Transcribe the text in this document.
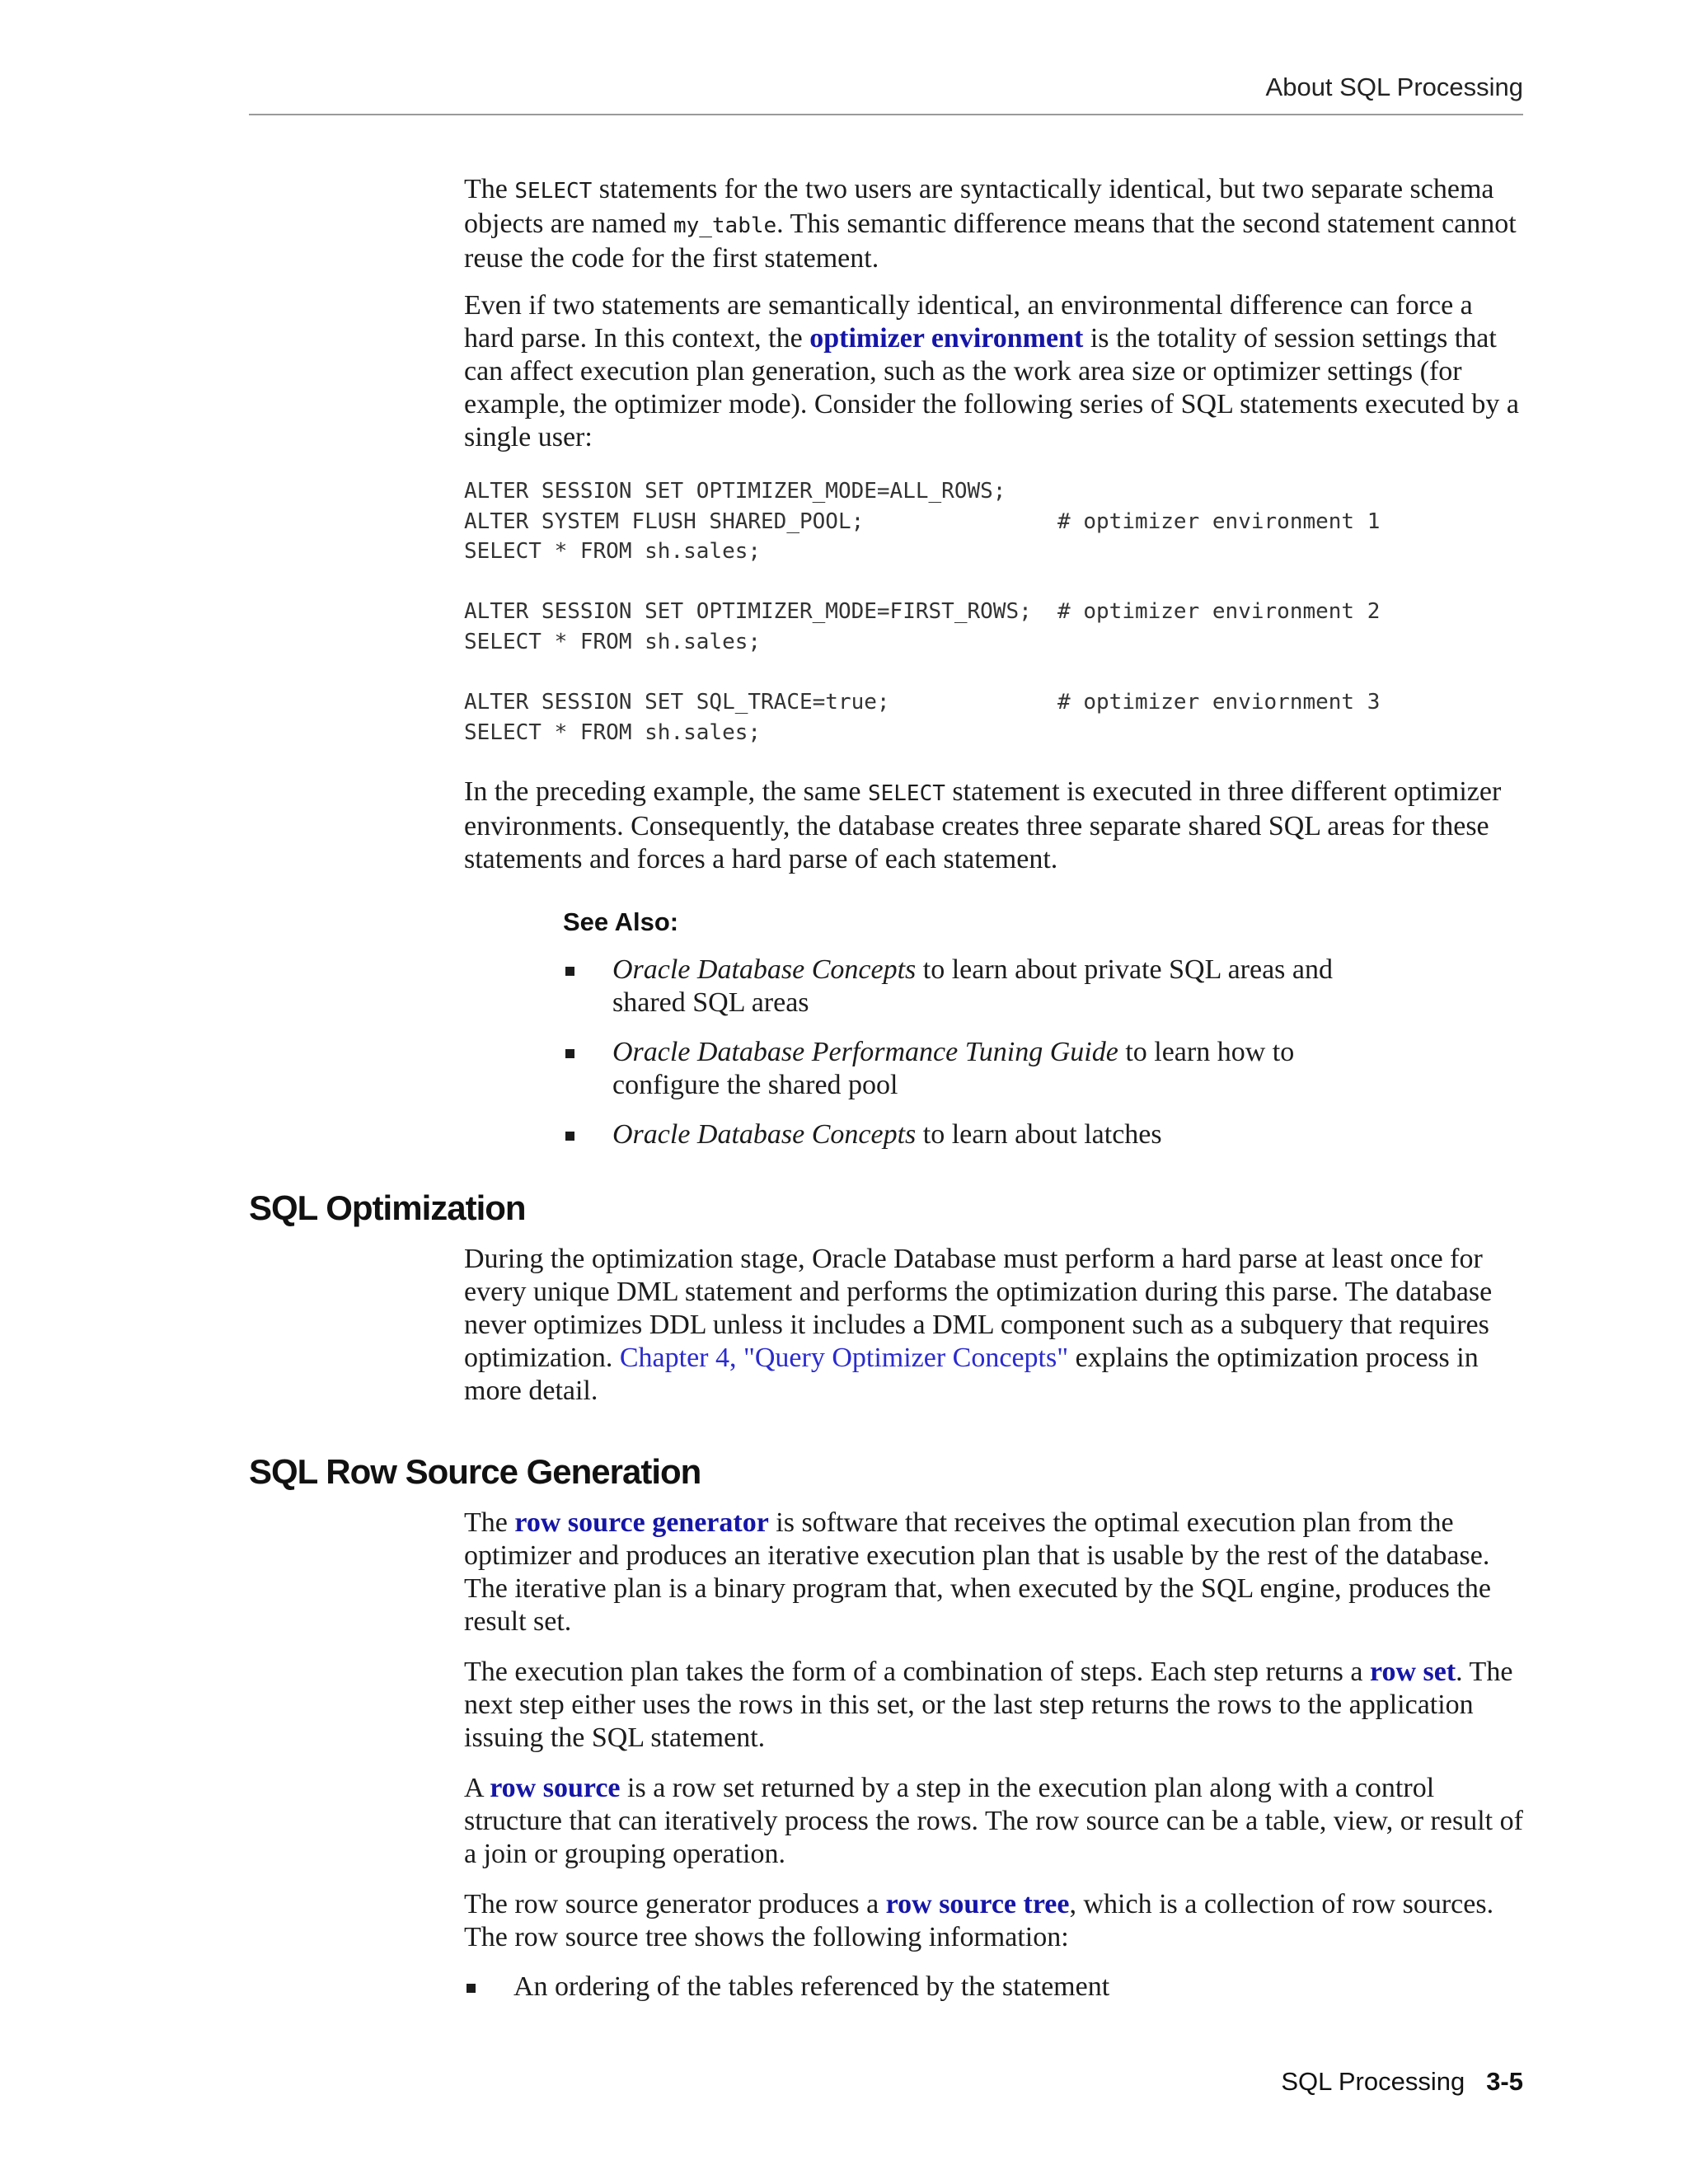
About SQL Processing

The SELECT statements for the two users are syntactically identical, but two separate schema objects are named my_table. This semantic difference means that the second statement cannot reuse the code for the first statement.

Even if two statements are semantically identical, an environmental difference can force a hard parse. In this context, the optimizer environment is the totality of session settings that can affect execution plan generation, such as the work area size or optimizer settings (for example, the optimizer mode). Consider the following series of SQL statements executed by a single user:

ALTER SESSION SET OPTIMIZER_MODE=ALL_ROWS;
ALTER SYSTEM FLUSH SHARED_POOL;               # optimizer environment 1
SELECT * FROM sh.sales;

ALTER SESSION SET OPTIMIZER_MODE=FIRST_ROWS;  # optimizer environment 2
SELECT * FROM sh.sales;

ALTER SESSION SET SQL_TRACE=true;             # optimizer enviornment 3
SELECT * FROM sh.sales;

In the preceding example, the same SELECT statement is executed in three different optimizer environments. Consequently, the database creates three separate shared SQL areas for these statements and forces a hard parse of each statement.

See Also:
Oracle Database Concepts to learn about private SQL areas and shared SQL areas
Oracle Database Performance Tuning Guide to learn how to configure the shared pool
Oracle Database Concepts to learn about latches
SQL Optimization

During the optimization stage, Oracle Database must perform a hard parse at least once for every unique DML statement and performs the optimization during this parse. The database never optimizes DDL unless it includes a DML component such as a subquery that requires optimization. Chapter 4, "Query Optimizer Concepts" explains the optimization process in more detail.

SQL Row Source Generation

The row source generator is software that receives the optimal execution plan from the optimizer and produces an iterative execution plan that is usable by the rest of the database. The iterative plan is a binary program that, when executed by the SQL engine, produces the result set.

The execution plan takes the form of a combination of steps. Each step returns a row set. The next step either uses the rows in this set, or the last step returns the rows to the application issuing the SQL statement.

A row source is a row set returned by a step in the execution plan along with a control structure that can iteratively process the rows. The row source can be a table, view, or result of a join or grouping operation.

The row source generator produces a row source tree, which is a collection of row sources. The row source tree shows the following information:

An ordering of the tables referenced by the statement
SQL Processing 3-5
